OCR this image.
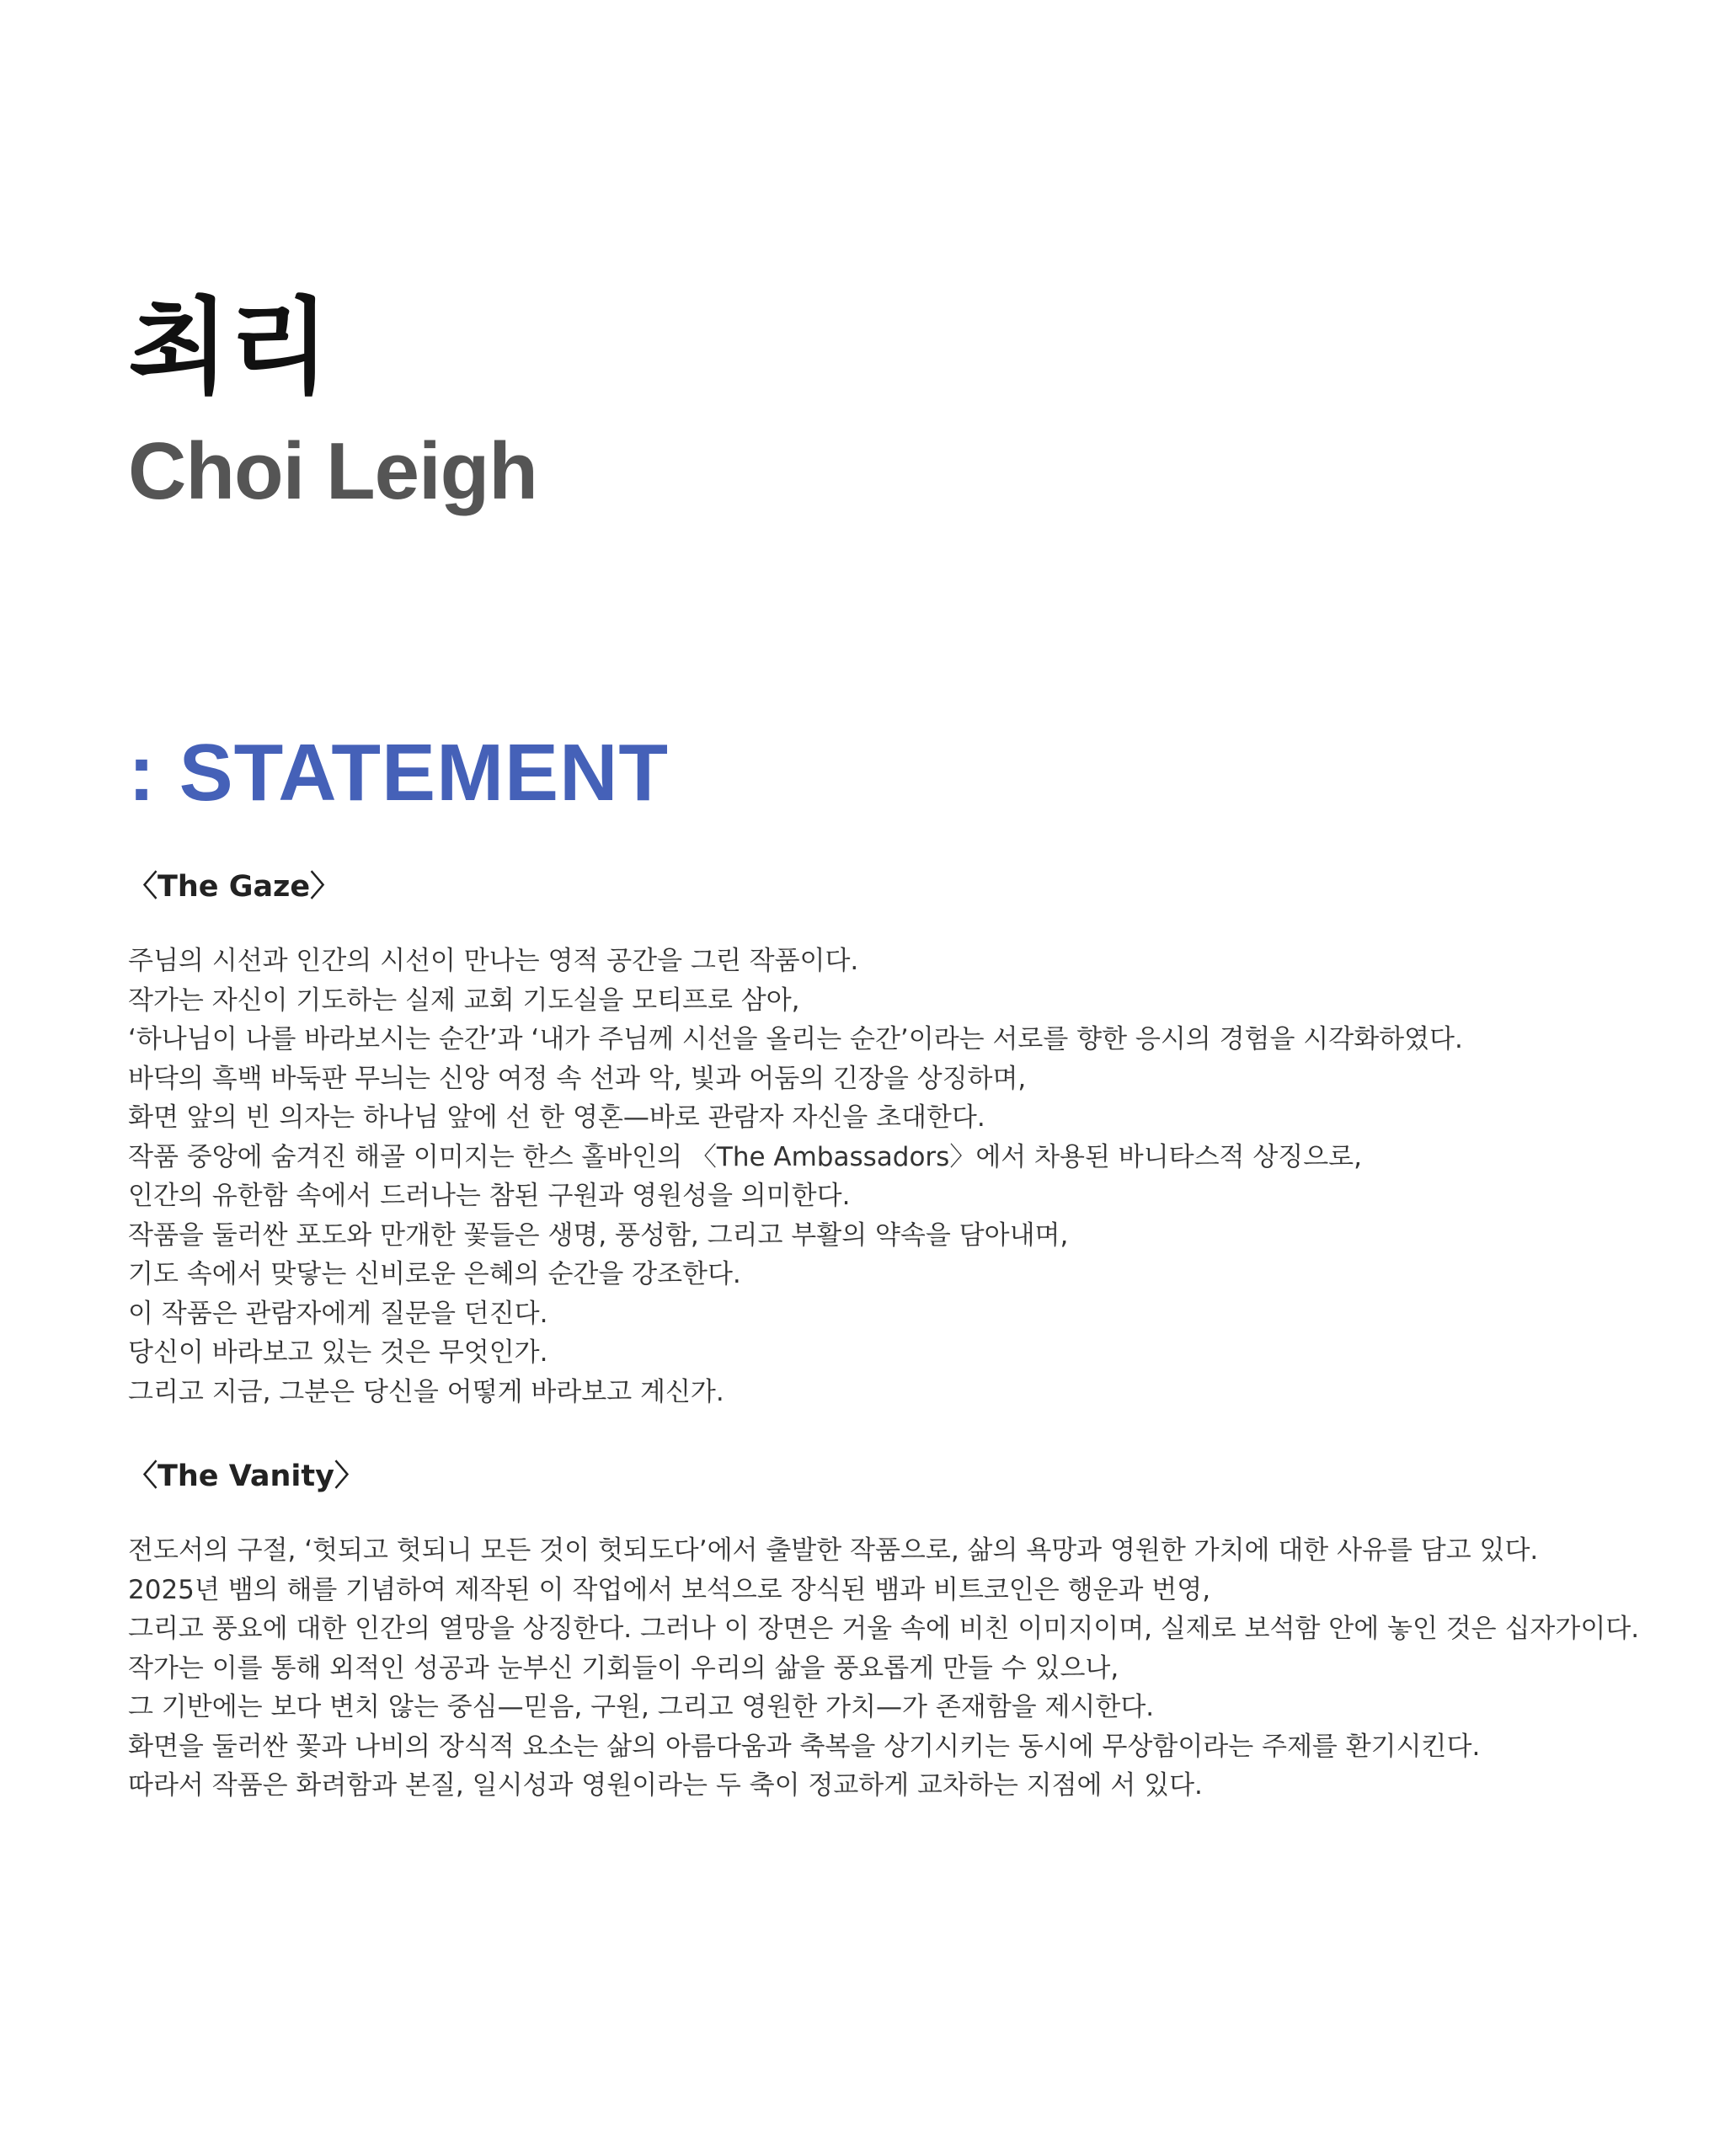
최리
Choi Leigh
: STATEMENT
〈The Gaze〉
주님의 시선과 인간의 시선이 만나는 영적 공간을 그린 작품이다.
작가는 자신이 기도하는 실제 교회 기도실을 모티프로 삼아,
‘하나님이 나를 바라보시는 순간’과 ‘내가 주님께 시선을 올리는 순간’이라는 서로를 향한 응시의 경험을 시각화하였다.
바닥의 흑백 바둑판 무늬는 신앙 여정 속 선과 악, 빛과 어둠의 긴장을 상징하며,
화면 앞의 빈 의자는 하나님 앞에 선 한 영혼—바로 관람자 자신을 초대한다.
작품 중앙에 숨겨진 해골 이미지는 한스 홀바인의 〈The Ambassadors〉에서 차용된 바니타스적 상징으로,
인간의 유한함 속에서 드러나는 참된 구원과 영원성을 의미한다.
작품을 둘러싼 포도와 만개한 꽃들은 생명, 풍성함, 그리고 부활의 약속을 담아내며,
기도 속에서 맞닿는 신비로운 은혜의 순간을 강조한다.
이 작품은 관람자에게 질문을 던진다.
당신이 바라보고 있는 것은 무엇인가.
그리고 지금, 그분은 당신을 어떻게 바라보고 계신가.
〈The Vanity〉
전도서의 구절, ‘헛되고 헛되니 모든 것이 헛되도다’에서 출발한 작품으로, 삶의 욕망과 영원한 가치에 대한 사유를 담고 있다.
2025년 뱀의 해를 기념하여 제작된 이 작업에서 보석으로 장식된 뱀과 비트코인은 행운과 번영,
그리고 풍요에 대한 인간의 열망을 상징한다. 그러나 이 장면은 거울 속에 비친 이미지이며, 실제로 보석함 안에 놓인 것은 십자가이다.
작가는 이를 통해 외적인 성공과 눈부신 기회들이 우리의 삶을 풍요롭게 만들 수 있으나,
그 기반에는 보다 변치 않는 중심—믿음, 구원, 그리고 영원한 가치—가 존재함을 제시한다.
화면을 둘러싼 꽃과 나비의 장식적 요소는 삶의 아름다움과 축복을 상기시키는 동시에 무상함이라는 주제를 환기시킨다.
따라서 작품은 화려함과 본질, 일시성과 영원이라는 두 축이 정교하게 교차하는 지점에 서 있다.
